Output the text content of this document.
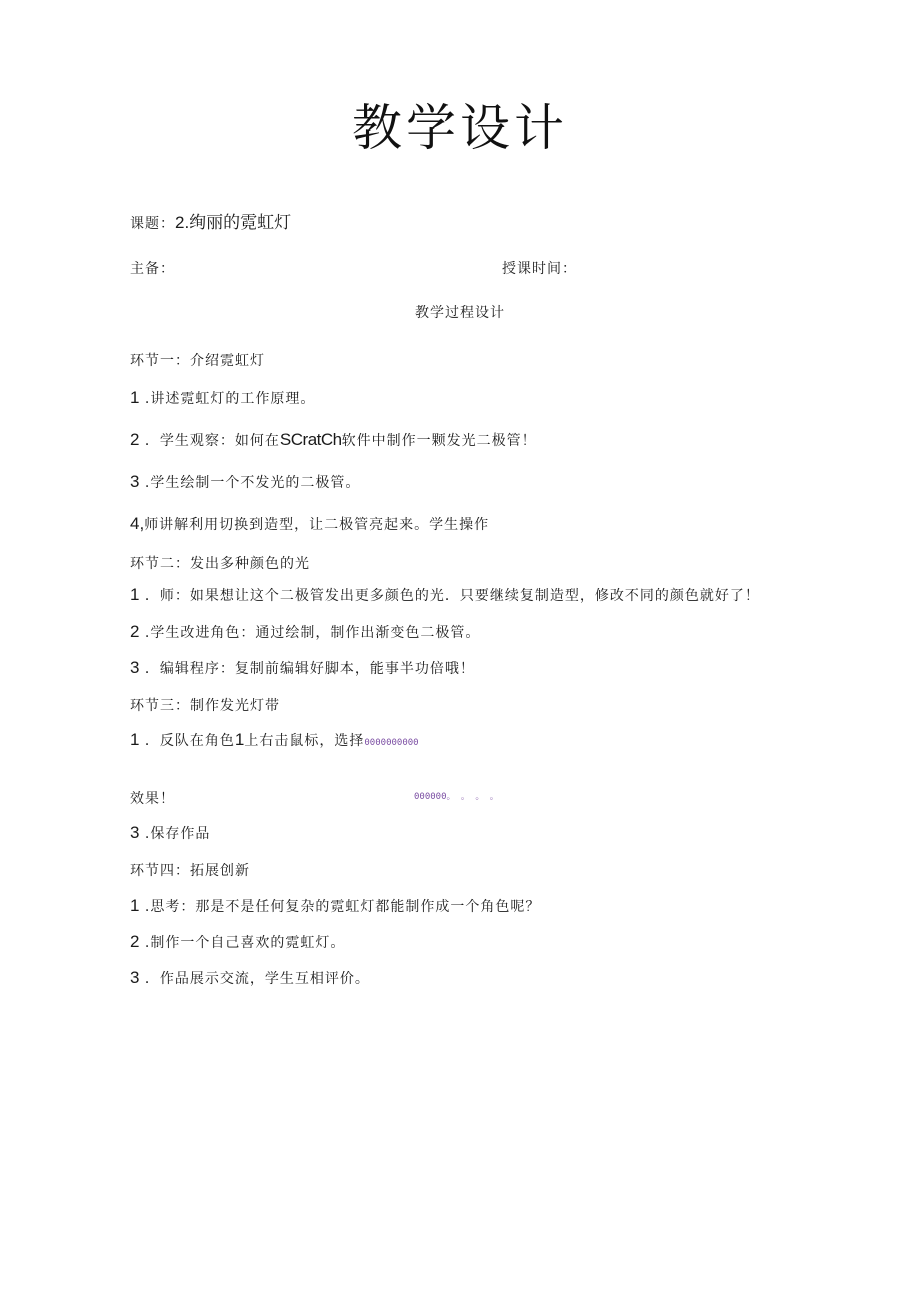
教学设计
课题：2.绚丽的霓虹灯
主备：	授课时间：
教学过程设计
环节一：介绍霓虹灯
1 .讲述霓虹灯的工作原理。
2 ．学生观察：如何在SCratCh软件中制作一颗发光二极管！
3 .学生绘制一个不发光的二极管。
4,师讲解利用切换到造型，让二极管亮起来。学生操作
环节二：发出多种颜色的光
1 ．师：如果想让这个二极管发出更多颜色的光．只要继续复制造型，修改不同的颜色就好了！
2 .学生改进角色：通过绘制，制作出渐变色二极管。
3 ．编辑程序：复制前编辑好脚本，能事半功倍哦！
环节三：制作发光灯带
1 ．反队在角色1上右击鼠标，选择0000000000
效果！	000000。 。 。 。
3 .保存作品
环节四：拓展创新
1 .思考：那是不是任何复杂的霓虹灯都能制作成一个角色呢？
2 .制作一个自己喜欢的霓虹灯。
3 ．作品展示交流，学生互相评价。
